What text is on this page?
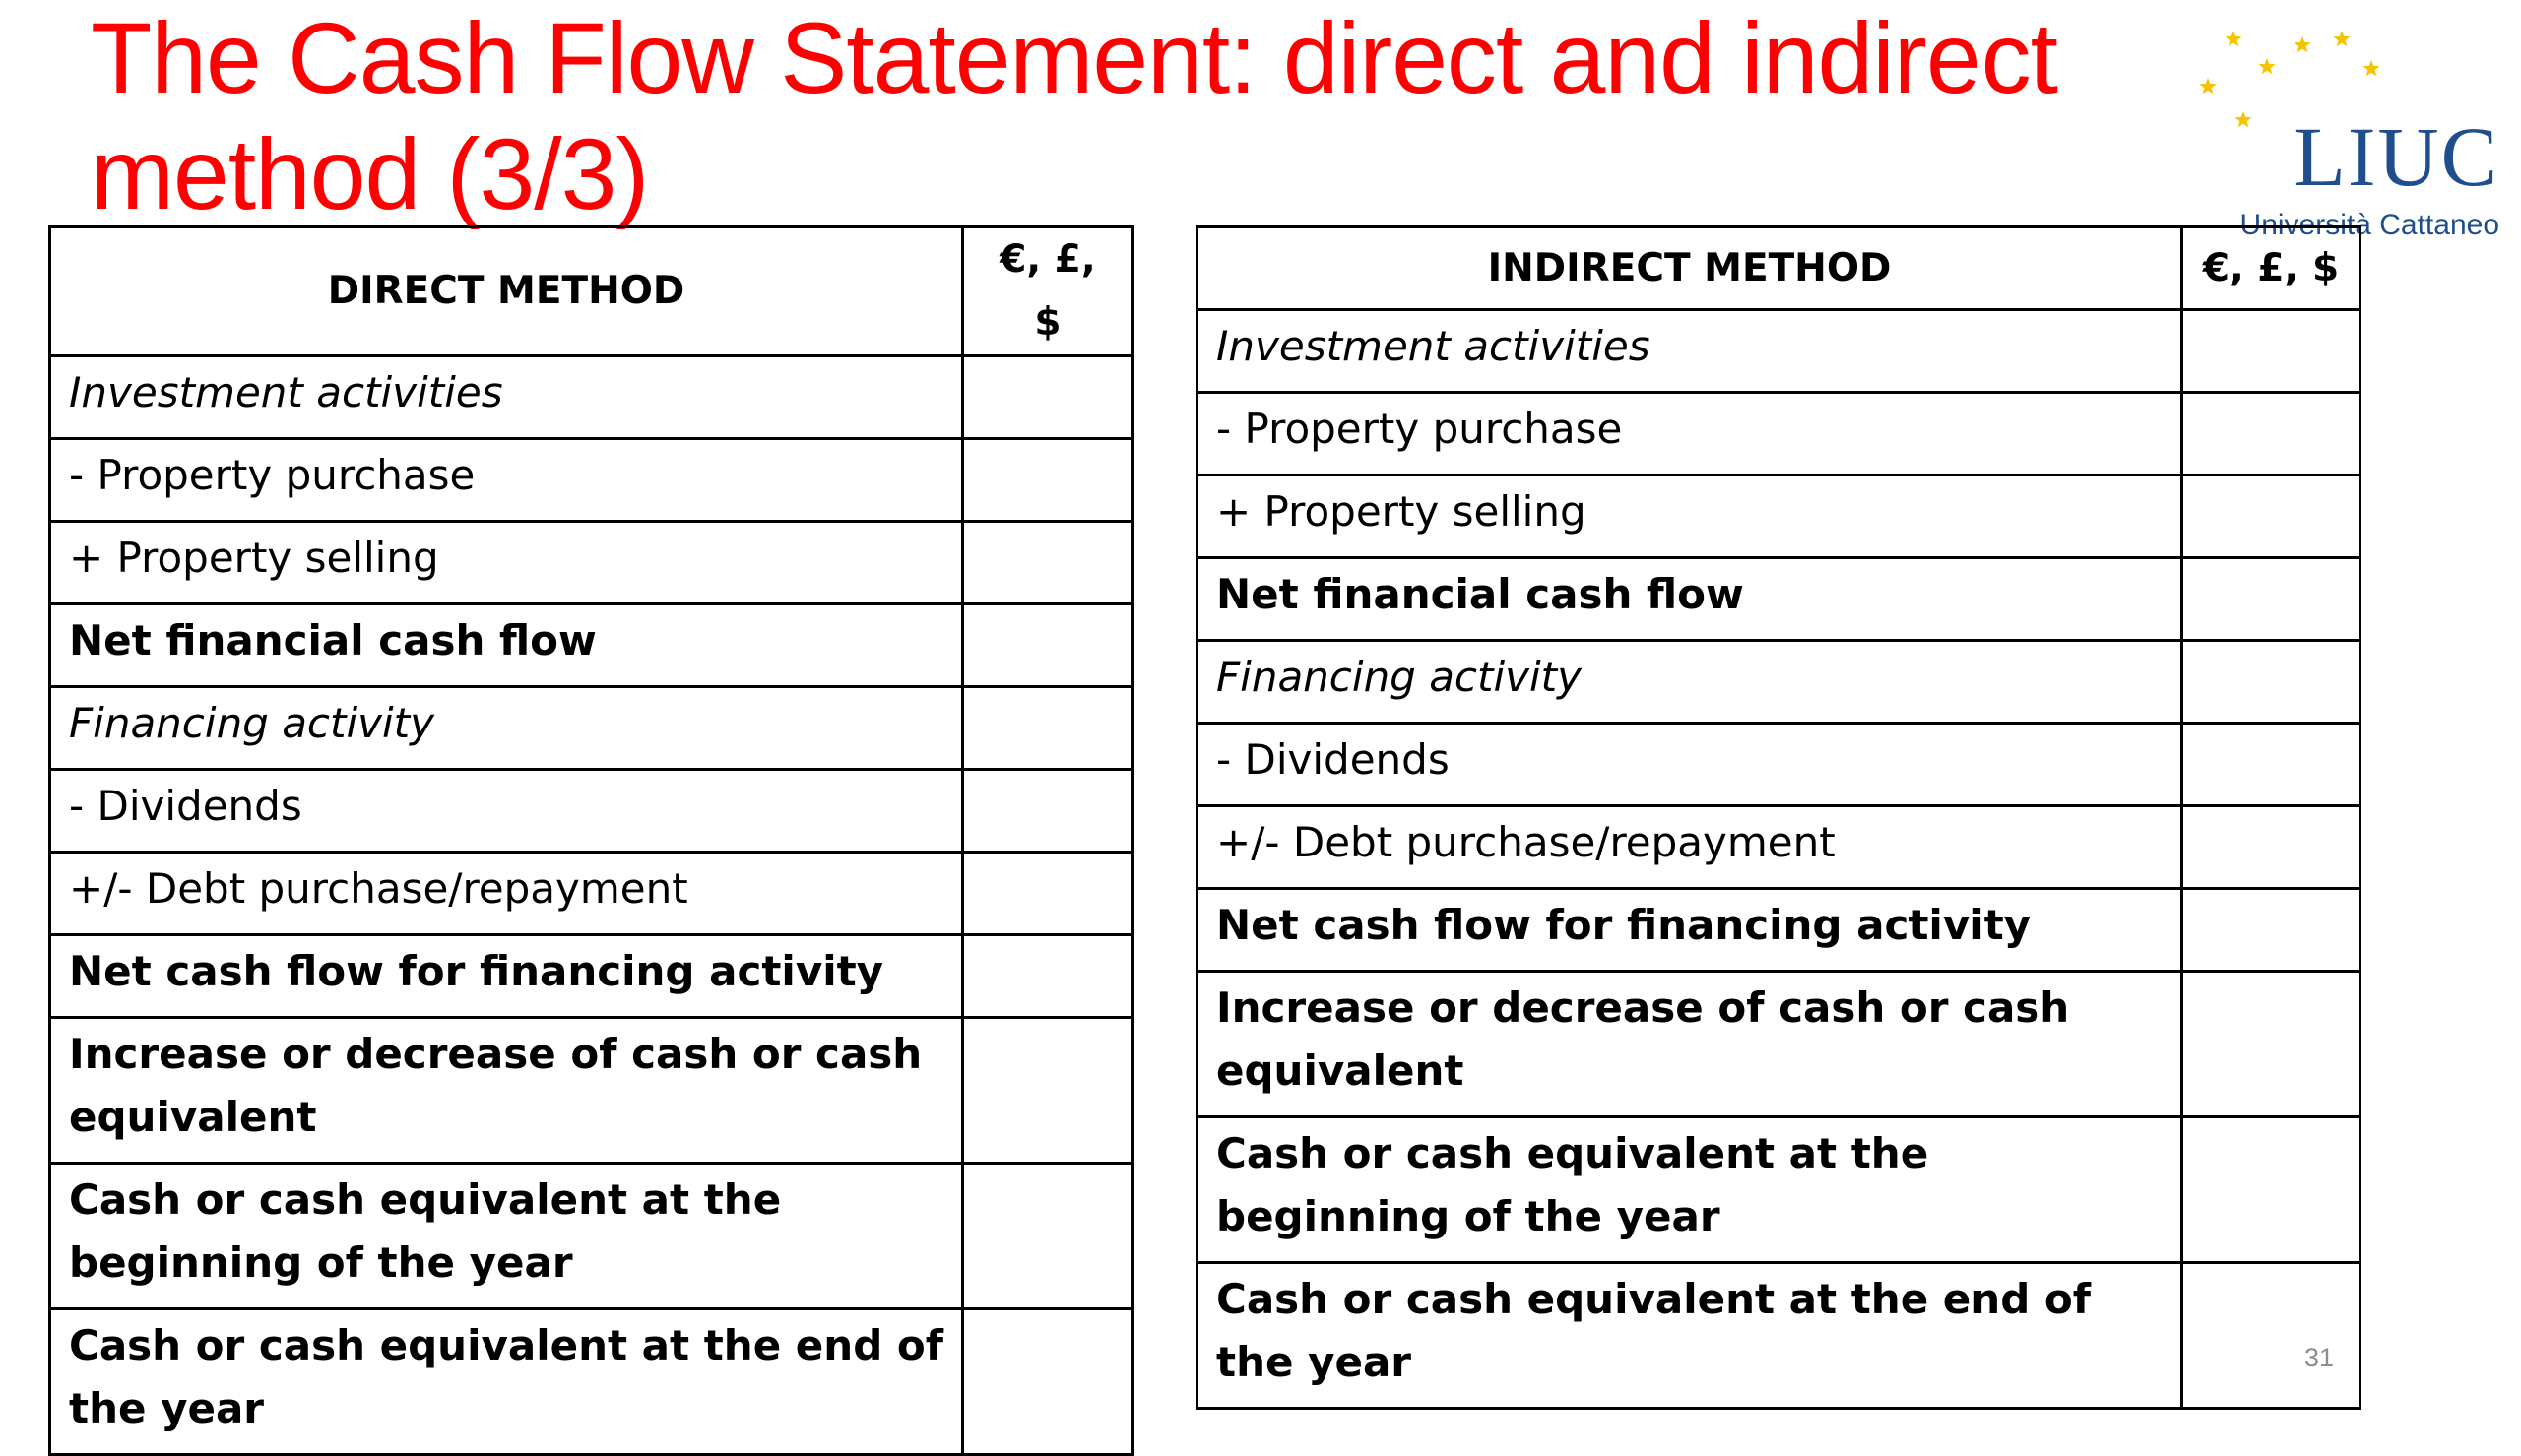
The Cash Flow Statement: direct and indirect
method (3/3)	LIUC
Università Cattaneo
DIRECT METHOD	€, £, $
Investment activities	
- Property purchase	
+ Property selling	
Net financial cash flow	
Financing activity	
- Dividends	
+/- Debt purchase/repayment	
Net cash flow for financing activity	
Increase or decrease of cash or cash equivalent	
Cash or cash equivalent at the beginning of the year	
Cash or cash equivalent at the end of the year	
INDIRECT METHOD	€, £, $
Investment activities	
- Property purchase	
+ Property selling	
Net financial cash flow	
Financing activity	
- Dividends	
+/- Debt purchase/repayment	
Net cash flow for financing activity	
Increase or decrease of cash or cash equivalent	
Cash or cash equivalent at the beginning of the year	
Cash or cash equivalent at the end of the year		31
